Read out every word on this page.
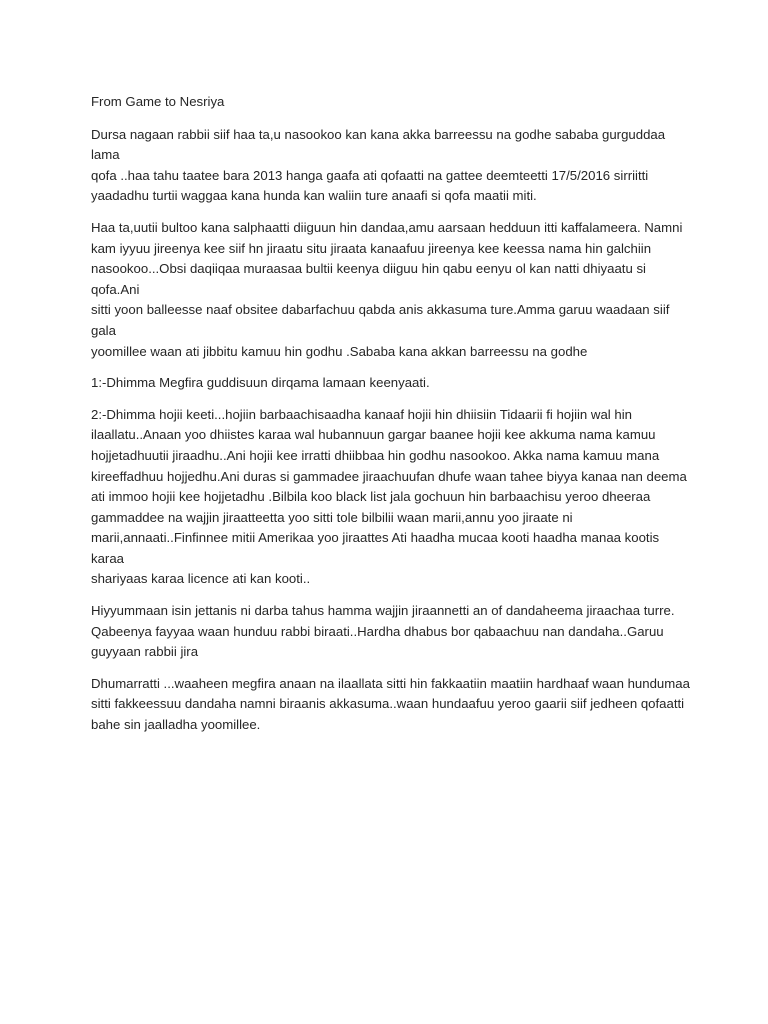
From Game to Nesriya

Dursa nagaan rabbii siif haa ta,u nasookoo kan kana akka barreessu na godhe sababa gurguddaa lama
qofa ..haa tahu taatee bara 2013 hanga gaafa ati qofaatti na gattee deemteetti 17/5/2016 sirriitti
yaadadhu turtii waggaa kana hunda kan waliin ture anaafi si qofa maatii miti.

Haa ta,uutii bultoo kana salphaatti diiguun hin dandaa,amu aarsaan hedduun itti kaffalameera. Namni
kam iyyuu jireenya kee siif hn jiraatu situ jiraata kanaafuu jireenya kee keessa nama hin galchiin
nasookoo...Obsi daqiiqaa muraasaa bultii keenya diiguu hin qabu eenyu ol kan natti dhiyaatu si qofa.Ani
sitti yoon balleesse naaf obsitee dabarfachuu qabda anis akkasuma ture.Amma garuu waadaan siif gala
yoomillee waan ati jibbitu kamuu hin godhu .Sababa kana akkan barreessu na godhe

1:-Dhimma Megfira guddisuun dirqama lamaan keenyaati.

2:-Dhimma hojii keeti...hojiin barbaachisaadha kanaaf hojii hin dhiisiin Tidaarii fi hojiin wal hin
ilaallatu..Anaan yoo dhiistes karaa wal hubannuun gargar baanee hojii kee akkuma nama kamuu
hojjetadhuutii jiraadhu..Ani hojii kee irratti dhiibbaa hin godhu nasookoo. Akka nama kamuu mana
kireeffadhuu hojjedhu.Ani duras si gammadee jiraachuufan dhufe waan tahee biyya kanaa nan deema
ati immoo hojii kee hojjetadhu .Bilbila koo black list jala gochuun hin barbaachisu yeroo dheeraa
gammaddee na wajjin jiraatteetta yoo sitti tole bilbilii waan marii,annu yoo jiraate ni
marii,annaati..Finfinnee mitii Amerikaa yoo jiraattes Ati haadha mucaa kooti haadha manaa kootis karaa
shariyaas karaa licence ati kan kooti..

Hiyyummaan isin jettanis ni darba tahus hamma wajjin jiraannetti an of dandaheema jiraachaa turre.
Qabeenya fayyaa waan hunduu rabbi biraati..Hardha dhabus bor qabaachuu nan dandaha..Garuu
guyyaan rabbii jira

Dhumarratti ...waaheen megfira anaan na ilaallata sitti hin fakkaatiin maatiin hardhaaf waan hundumaa
sitti fakkeessuu dandaha namni biraanis akkasuma..waan hundaafuu yeroo gaarii siif jedheen qofaatti
bahe sin jaalladha yoomillee.
